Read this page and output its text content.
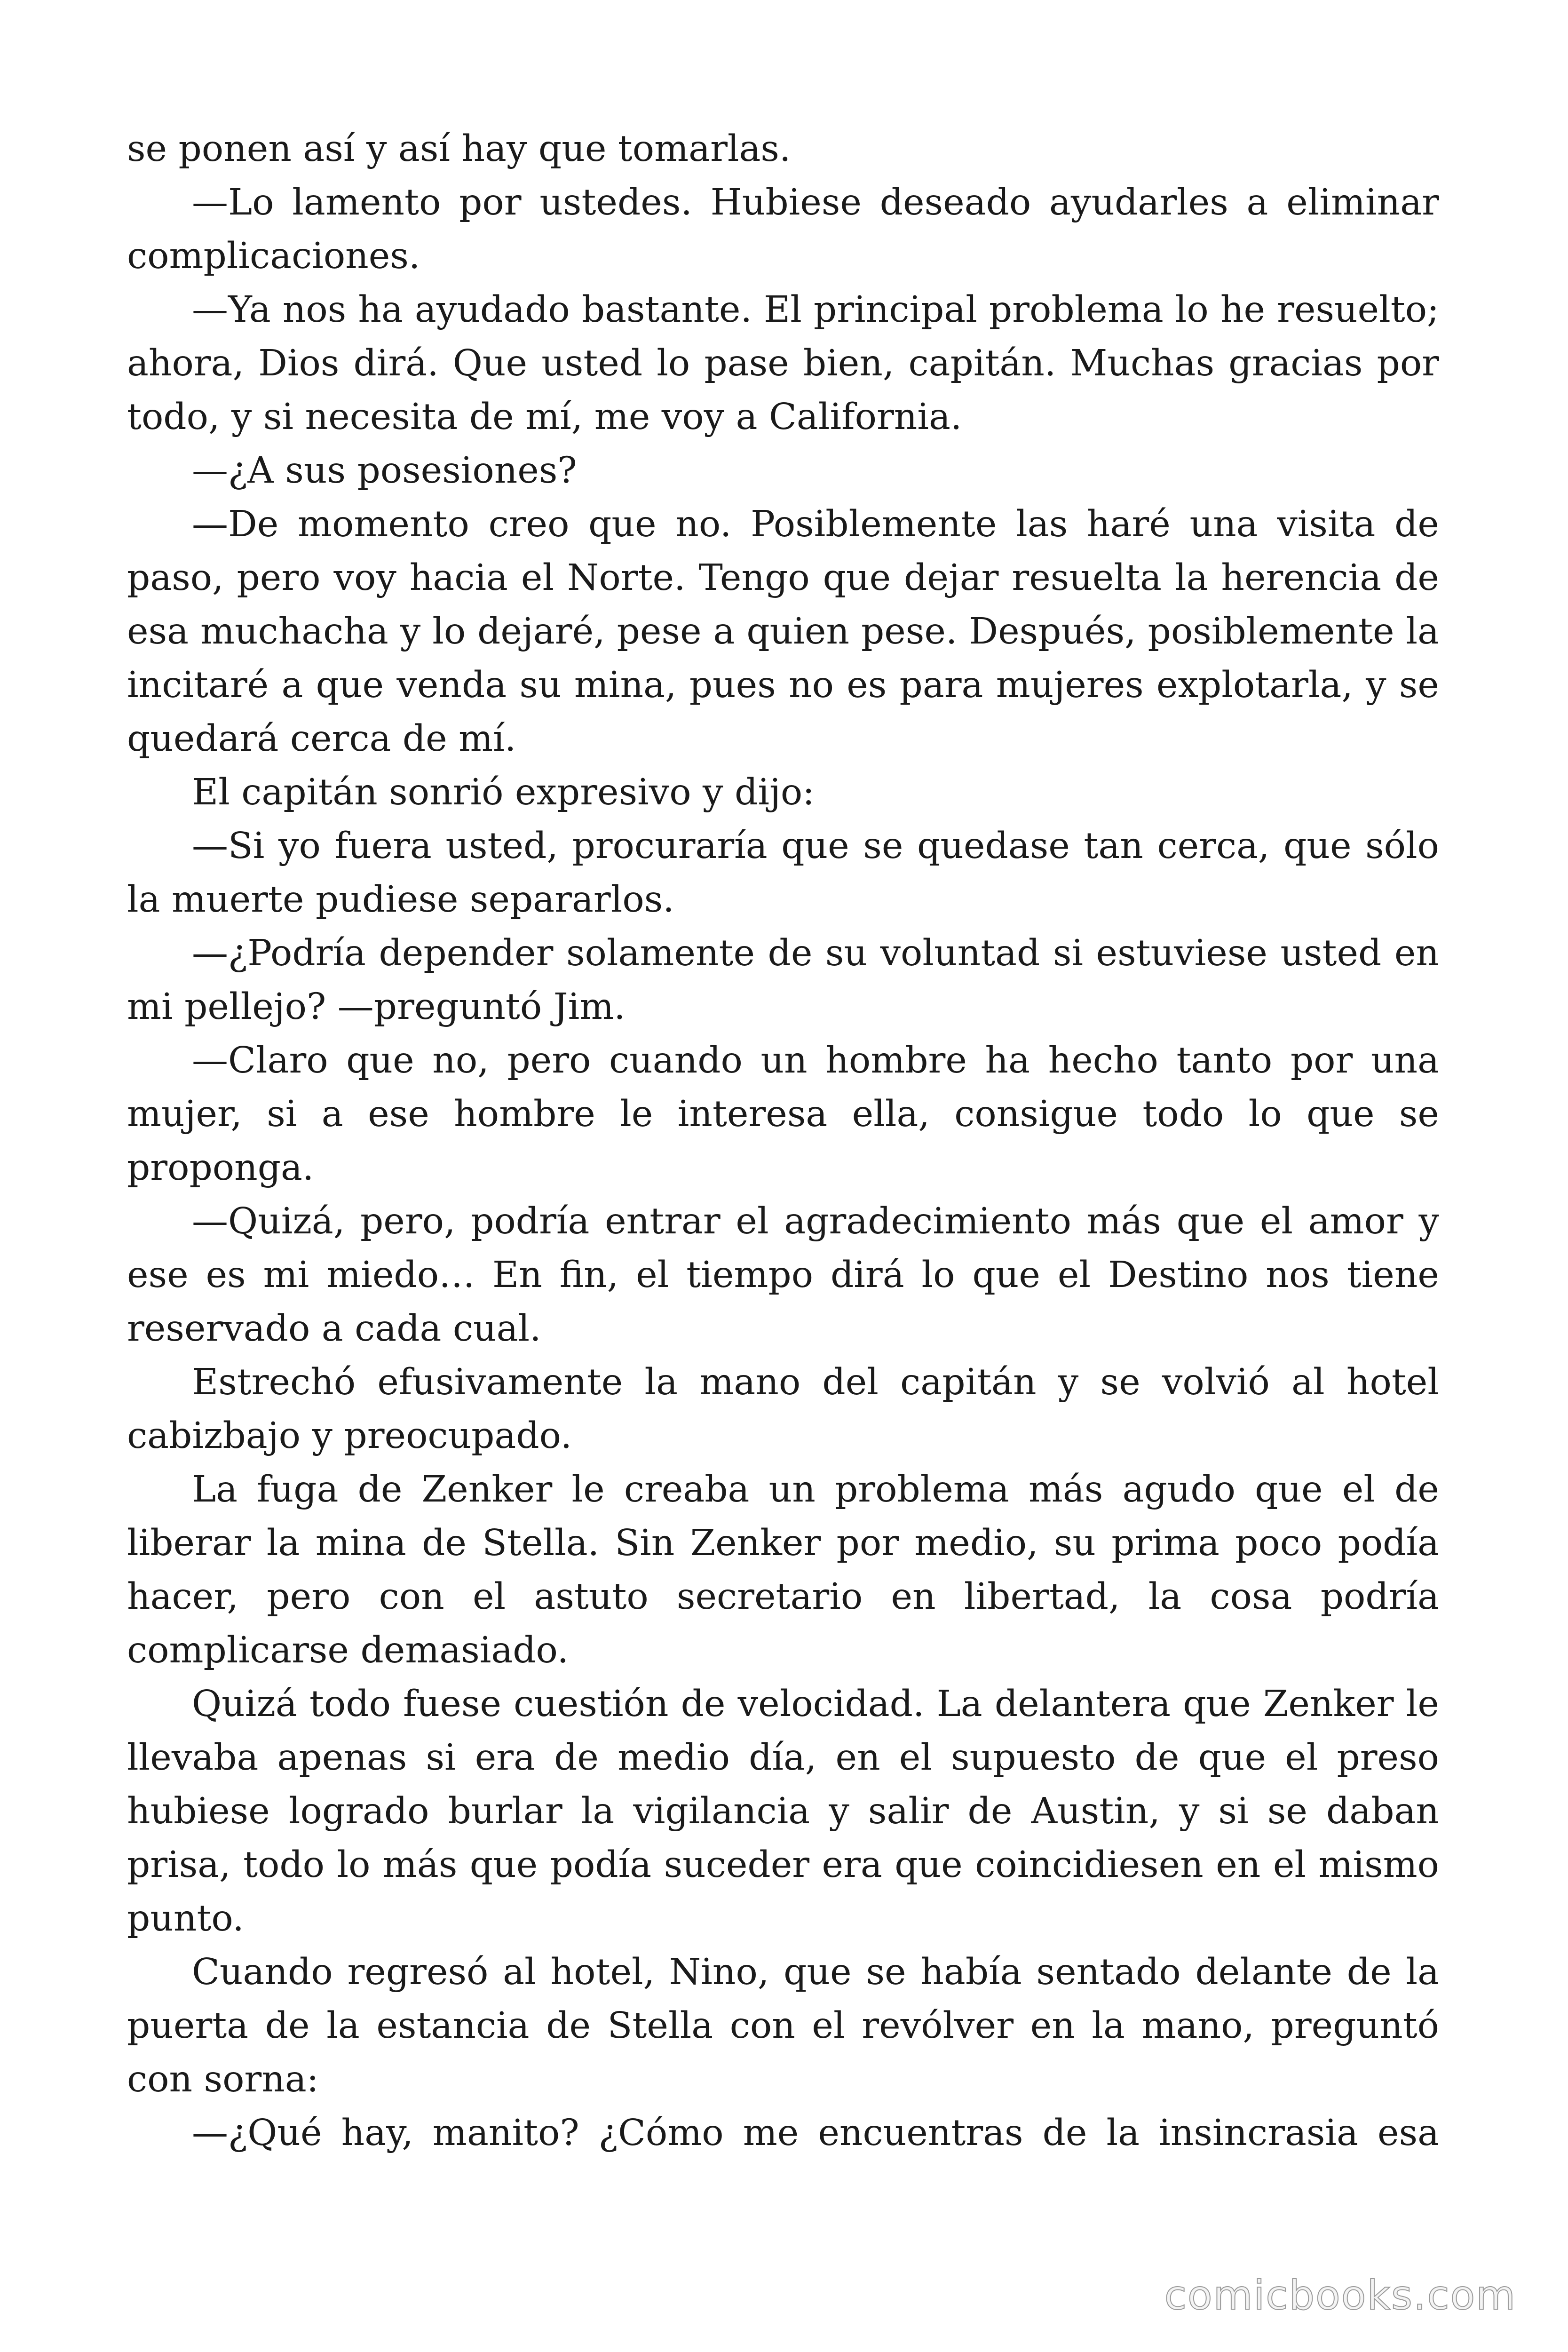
se ponen así y así hay que tomarlas.

—Lo lamento por ustedes. Hubiese deseado ayudarles a eliminar complicaciones.

—Ya nos ha ayudado bastante. El principal problema lo he resuelto; ahora, Dios dirá. Que usted lo pase bien, capitán. Muchas gracias por todo, y si necesita de mí, me voy a California.

—¿A sus posesiones?

—De momento creo que no. Posiblemente las haré una visita de paso, pero voy hacia el Norte. Tengo que dejar resuelta la herencia de esa muchacha y lo dejaré, pese a quien pese. Después, posiblemente la incitaré a que venda su mina, pues no es para mujeres explotarla, y se quedará cerca de mí.

El capitán sonrió expresivo y dijo:

—Si yo fuera usted, procuraría que se quedase tan cerca, que sólo la muerte pudiese separarlos.

—¿Podría depender solamente de su voluntad si estuviese usted en mi pellejo? —preguntó Jim.

—Claro que no, pero cuando un hombre ha hecho tanto por una mujer, si a ese hombre le interesa ella, consigue todo lo que se proponga.

—Quizá, pero, podría entrar el agradecimiento más que el amor y ese es mi miedo… En fin, el tiempo dirá lo que el Destino nos tiene reservado a cada cual.

Estrechó efusivamente la mano del capitán y se volvió al hotel cabizbajo y preocupado.

La fuga de Zenker le creaba un problema más agudo que el de liberar la mina de Stella. Sin Zenker por medio, su prima poco podía hacer, pero con el astuto secretario en libertad, la cosa podría complicarse demasiado.

Quizá todo fuese cuestión de velocidad. La delantera que Zenker le llevaba apenas si era de medio día, en el supuesto de que el preso hubiese logrado burlar la vigilancia y salir de Austin, y si se daban prisa, todo lo más que podía suceder era que coincidiesen en el mismo punto.

Cuando regresó al hotel, Nino, que se había sentado delante de la puerta de la estancia de Stella con el revólver en la mano, preguntó con sorna:

—¿Qué hay, manito? ¿Cómo me encuentras de la insincrasia esa

comicbooks.com
